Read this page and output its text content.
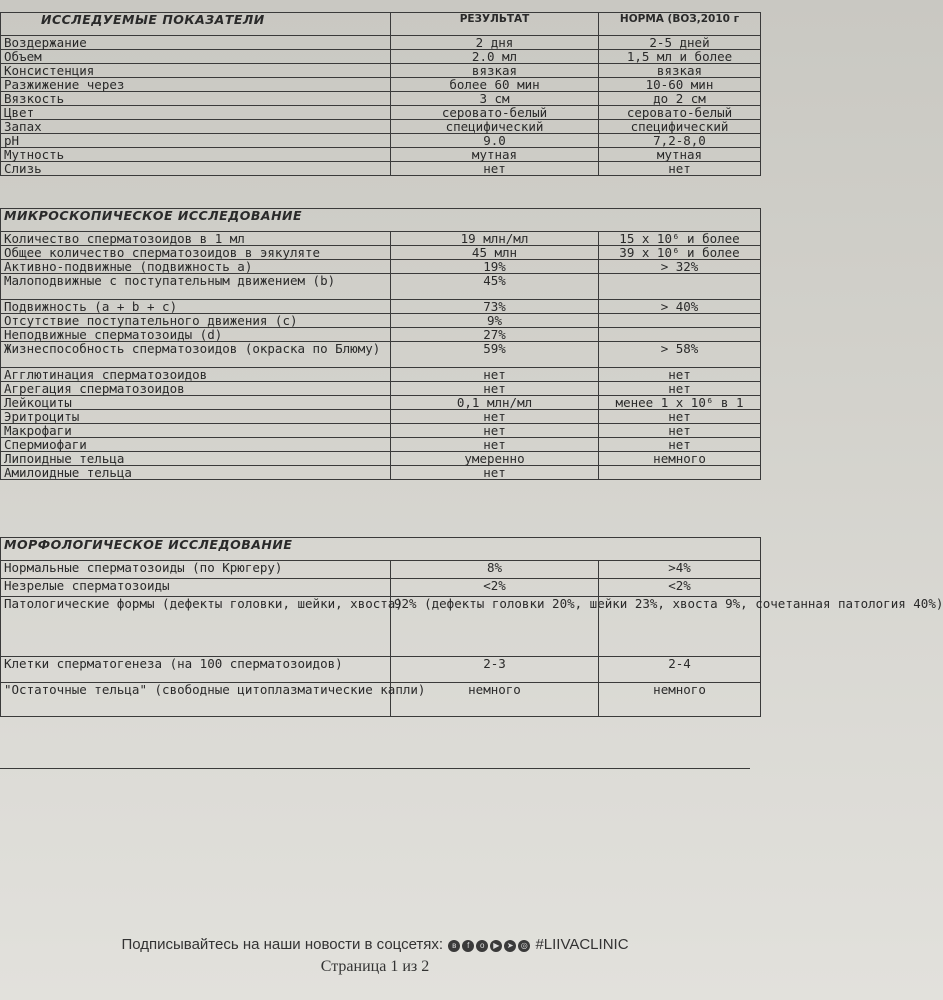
ИССЛЕДУЕМЫЕ ПОКАЗАТЕЛИ	РЕЗУЛЬТАТ	НОРМА (ВОЗ,2010 г
Воздержание	2 дня	2-5 дней
Объем	2.0 мл	1,5 мл и более
Консистенция	вязкая	вязкая
Разжижение через	более 60 мин	10-60 мин
Вязкость	3 см	до 2 см
Цвет	серовато-белый	серовато-белый
Запах	специфический	специфический
pH	9.0	7,2-8,0
Мутность	мутная	мутная
Слизь	нет	нет
МИКРОСКОПИЧЕСКОЕ ИССЛЕДОВАНИЕ		
Количество сперматозоидов в 1 мл	19 млн/мл	15 x 10⁶ и более
Общее количество сперматозоидов в эякуляте	45 млн	39 x 10⁶ и более
Активно-подвижные (подвижность а)	19%	> 32%
Малоподвижные с поступательным движением (b)	45%	
Подвижность (a + b + c)	73%	> 40%
Отсутствие поступательного движения (с)	9%	
Неподвижные сперматозоиды (d)	27%	
Жизнеспособность сперматозоидов (окраска по Блюму)	59%	> 58%
Агглютинация сперматозоидов	нет	нет
Агрегация сперматозоидов	нет	нет
Лейкоциты	0,1 млн/мл	менее 1 x 10⁶ в 1
Эритроциты	нет	нет
Макрофаги	нет	нет
Спермиофаги	нет	нет
Липоидные тельца	умеренно	немного
Амилоидные тельца	нет	
МОРФОЛОГИЧЕСКОЕ ИССЛЕДОВАНИЕ		
Нормальные сперматозоиды (по Крюгеру)	8%	>4%
Незрелые сперматозоиды	<2%	<2%
Патологические формы (дефекты головки, шейки, хвоста)	92% (дефекты головки 20%, шейки 23%, хвоста 9%, сочетанная патология 40%)	
Клетки сперматогенеза (на 100 сперматозоидов)	2-3	2-4
"Остаточные тельца" (свободные цитоплазматические капли)	немного	немного
Подписывайтесь на наши новости в соцсетях: в f о ▶ ➤ ◎ #LIIVACLINIC
Страница 1 из 2
